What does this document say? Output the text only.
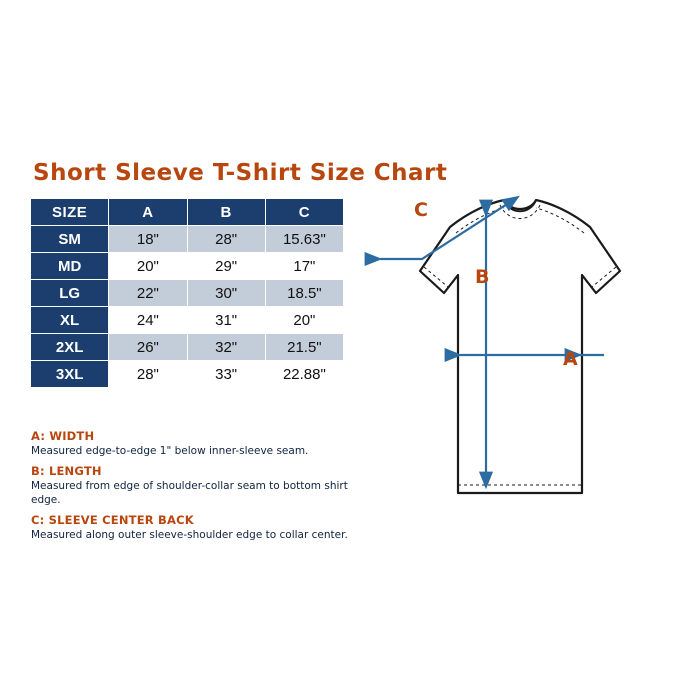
Short Sleeve T-Shirt Size Chart
SIZE	A	B	C
SM	18"	28"	15.63"
MD	20"	29"	17"
LG	22"	30"	18.5"
XL	24"	31"	20"
2XL	26"	32"	21.5"
3XL	28"	33"	22.88"

A: WIDTH

Measured edge-to-edge 1" below inner-sleeve seam.

B: LENGTH

Measured from edge of shoulder-collar seam to bottom shirt edge.

C: SLEEVE CENTER BACK

Measured along outer sleeve-shoulder edge to collar center.

A
B
C
